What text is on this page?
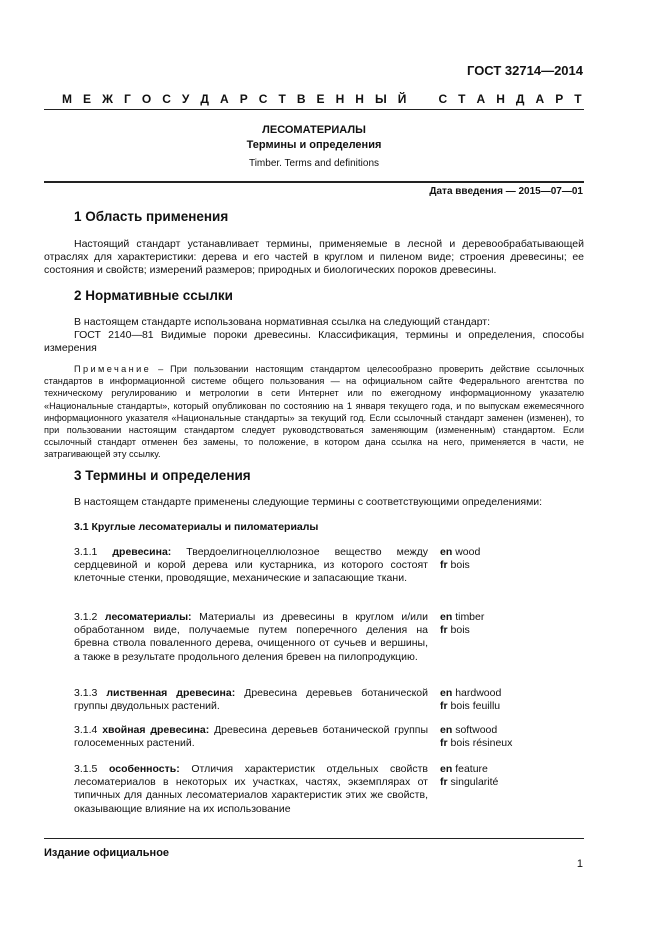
ГОСТ 32714—2014
М Е Ж Г О С У Д А Р С Т В Е Н Н Ы Й	С Т А Н Д А Р Т
ЛЕСОМАТЕРИАЛЫ
Термины и определения
Timber. Terms and definitions
Дата введения — 2015—07—01
1 Область применения
Настоящий стандарт устанавливает термины, применяемые в лесной и деревообрабатывающей отраслях для характеристики: дерева и его частей в круглом и пиленом виде; строения древесины; ее состояния и свойств; измерений размеров; природных и биологических пороков древесины.
2 Нормативные ссылки
В настоящем стандарте использована нормативная ссылка на следующий стандарт:
ГОСТ 2140—81 Видимые пороки древесины. Классификация, термины и определения, способы измерения
Примечание – При пользовании настоящим стандартом целесообразно проверить действие ссылочных стандартов в информационной системе общего пользования — на официальном сайте Федерального агентства по техническому регулированию и метрологии в сети Интернет или по ежегодному информационному указателю «Национальные стандарты», который опубликован по состоянию на 1 января текущего года, и по выпускам ежемесячного информационного указателя «Национальные стандарты» за текущий год. Если ссылочный стандарт заменен (изменен), то при пользовании настоящим стандартом следует руководствоваться заменяющим (измененным) стандартом. Если ссылочный стандарт отменен без замены, то положение, в котором дана ссылка на него, применяется в части, не затрагивающей эту ссылку.
3 Термины и определения
В настоящем стандарте применены следующие термины с соответствующими определениями:
3.1 Круглые лесоматериалы и пиломатериалы
3.1.1 древесина: Твердоелигноцеллюлозное вещество между сердцевиной и корой дерева или кустарника, из которого состоят клеточные стенки, проводящие, механические и запасающие ткани.
en wood
fr bois
3.1.2 лесоматериалы: Материалы из древесины в круглом и/или обработанном виде, получаемые путем поперечного деления на бревна ствола поваленного дерева, очищенного от сучьев и вершины, а также в результате продольного деления бревен на пилопродукцию.
en timber
fr bois
3.1.3 лиственная древесина: Древесина деревьев ботанической группы двудольных растений.
en hardwood
fr bois feuillu
3.1.4 хвойная древесина: Древесина деревьев ботанической группы голосеменных растений.
en softwood
fr bois résineux
3.1.5 особенность: Отличия характеристик отдельных свойств лесоматериалов в некоторых их участках, частях, экземплярах от типичных для данных лесоматериалов характеристик этих же свойств, оказывающие влияние на их использование
en feature
fr singularité
Издание официальное
1
